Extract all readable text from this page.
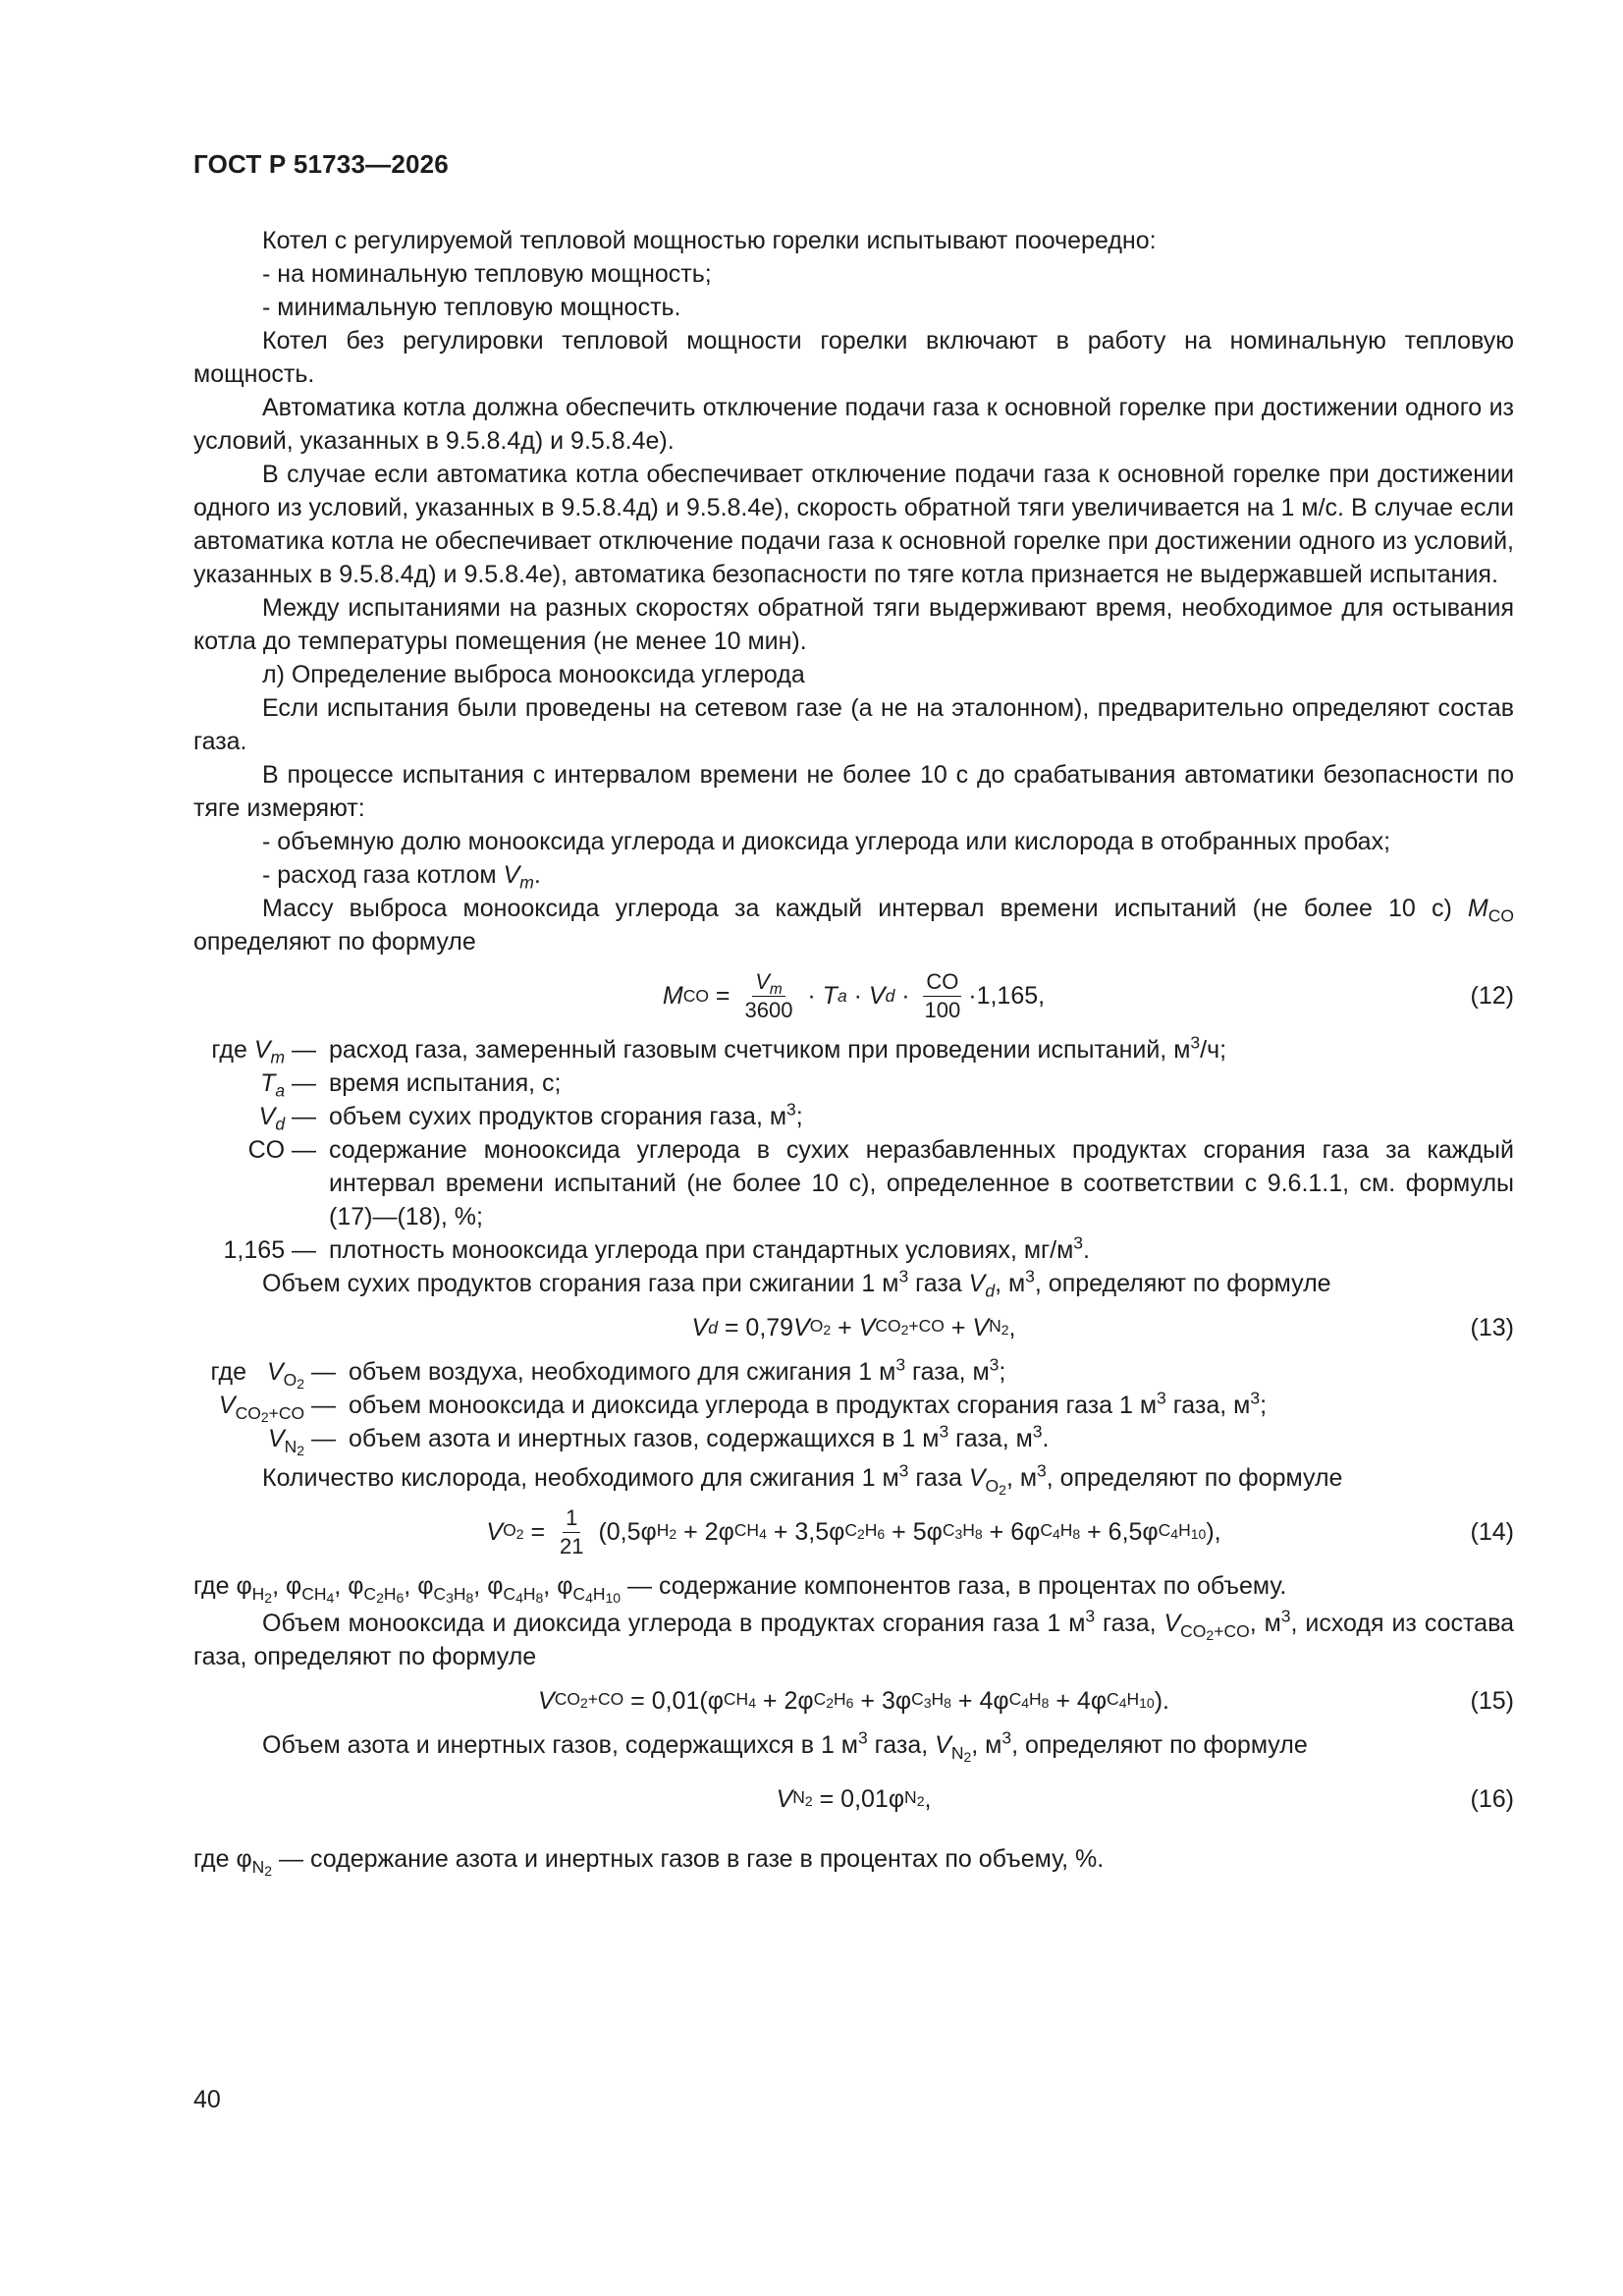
ГОСТ Р 51733—2026

Котел с регулируемой тепловой мощностью горелки испытывают поочередно:

- на номинальную тепловую мощность;

- минимальную тепловую мощность.

Котел без регулировки тепловой мощности горелки включают в работу на номинальную тепловую мощность.

Автоматика котла должна обеспечить отключение подачи газа к основной горелке при достижении одного из условий, указанных в 9.5.8.4д) и 9.5.8.4е).

В случае если автоматика котла обеспечивает отключение подачи газа к основной горелке при достижении одного из условий, указанных в 9.5.8.4д) и 9.5.8.4е), скорость обратной тяги увеличивается на 1 м/с. В случае если автоматика котла не обеспечивает отключение подачи газа к основной горелке при достижении одного из условий, указанных в 9.5.8.4д) и 9.5.8.4е), автоматика безопасности по тяге котла признается не выдержавшей испытания.

Между испытаниями на разных скоростях обратной тяги выдерживают время, необходимое для остывания котла до температуры помещения (не менее 10 мин).

л) Определение выброса монооксида углерода

Если испытания были проведены на сетевом газе (а не на эталонном), предварительно определяют состав газа.

В процессе испытания с интервалом времени не более 10 с до срабатывания автоматики безопасности по тяге измеряют:

- объемную долю монооксида углерода и диоксида углерода или кислорода в отобранных пробах;

- расход газа котлом $V_m$.

Массу выброса монооксида углерода за каждый интервал времени испытаний (не более 10 с) $M_{CO}$ определяют по формуле

M CO = $\frac{V_m}{3600} \cdot T$ a · V $d \cdot \frac{CO}{100} \cdot 1,165$,	(12)
где $V_m$ — расход газа, замеренный газовым счетчиком при проведении испытаний, $м^3/ч$;
$T_a$ — время испытания, с;
$V_d$ — объем сухих продуктов сгорания газа, $м^3$;
CO — содержание монооксида углерода в сухих неразбавленных продуктах сгорания газа за каждый интервал времени испытаний (не более 10 с), определенное в соответствии с 9.6.1.1, см. формулы (17)—(18), %;
1,165 — плотность монооксида углерода при стандартных условиях, $мг/м^3$.

Объем сухих продуктов сгорания газа при сжигании 1 $м^3$ газа $V_d$, $м^3$, определяют по формуле

V d = 0,79 V $O_2 + V$ $CO_2+CO + V$ $N_2$ ,	(13)
где $V_{O_2}$ — объем воздуха, необходимого для сжигания 1 $м^3$ газа, $м^3$;
$V_{CO_2+CO}$ — объем монооксида и диоксида углерода в продуктах сгорания газа 1 $м^3$ газа, $м^3$;
$V_{N_2}$ — объем азота и инертных газов, содержащихся в 1 $м^3$ газа, $м^3$.

Количество кислорода, необходимого для сжигания 1 $м^3$ газа $V_{O_2}$, $м^3$, определяют по формуле

V $O_2 = \frac{1}{21} (0,5\varphi$ $H_2 + 2\varphi$ $CH_4 + 3,5\varphi$ $C_2H_6 + 5\varphi$ $C_3H_8 + 6\varphi$ $C_4H_8 + 6,5\varphi$ $C_4H_{10}$ ),	(14)

где $\varphi_{H_2}$, $\varphi_{CH_4}$, $\varphi_{C_2H_6}$, $\varphi_{C_3H_8}$, $\varphi_{C_4H_8}$, $\varphi_{C_4H_{10}}$ — содержание компонентов газа, в процентах по объему.

Объем монооксида и диоксида углерода в продуктах сгорания газа 1 $м^3$ газа, $V_{CO_2+CO}$, $м^3$, исходя из состава газа, определяют по формуле

V $CO_2+CO = 0,01(\varphi$ $CH_4 + 2\varphi$ $C_2H_6 + 3\varphi$ $C_3H_8 + 4\varphi$ $C_4H_8 + 4\varphi$ $C_4H_{10}$ ).	(15)

Объем азота и инертных газов, содержащихся в 1 $м^3$ газа, $V_{N_2}$, $м^3$, определяют по формуле

V $N_2 = 0,01\varphi$ $N_2$ ,	(16)

где $\varphi_{N_2}$ — содержание азота и инертных газов в газе в процентах по объему, %.

40
